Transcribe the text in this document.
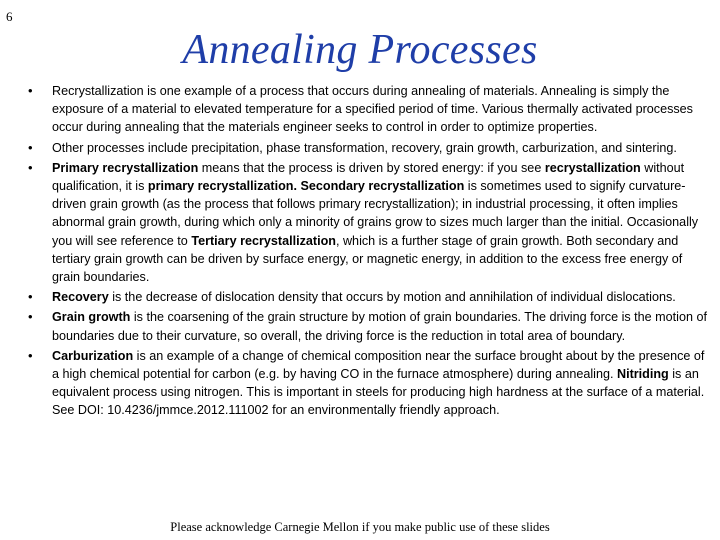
6
Annealing Processes
• Recrystallization is one example of a process that occurs during annealing of materials. Annealing is simply the exposure of a material to elevated temperature for a specified period of time. Various thermally activated processes occur during annealing that the materials engineer seeks to control in order to optimize properties.
• Other processes include precipitation, phase transformation, recovery, grain growth, carburization, and sintering.
• Primary recrystallization means that the process is driven by stored energy: if you see recrystallization without qualification, it is primary recrystallization. Secondary recrystallization is sometimes used to signify curvature-driven grain growth (as the process that follows primary recrystallization); in industrial processing, it often implies abnormal grain growth, during which only a minority of grains grow to sizes much larger than the initial. Occasionally you will see reference to Tertiary recrystallization, which is a further stage of grain growth. Both secondary and tertiary grain growth can be driven by surface energy, or magnetic energy, in addition to the excess free energy of grain boundaries.
• Recovery is the decrease of dislocation density that occurs by motion and annihilation of individual dislocations.
• Grain growth is the coarsening of the grain structure by motion of grain boundaries. The driving force is the motion of boundaries due to their curvature, so overall, the driving force is the reduction in total area of boundary.
• Carburization is an example of a change of chemical composition near the surface brought about by the presence of a high chemical potential for carbon (e.g. by having CO in the furnace atmosphere) during annealing. Nitriding is an equivalent process using nitrogen. This is important in steels for producing high hardness at the surface of a material. See DOI: 10.4236/jmmce.2012.111002 for an environmentally friendly approach.
Please acknowledge Carnegie Mellon if you make public use of these slides
